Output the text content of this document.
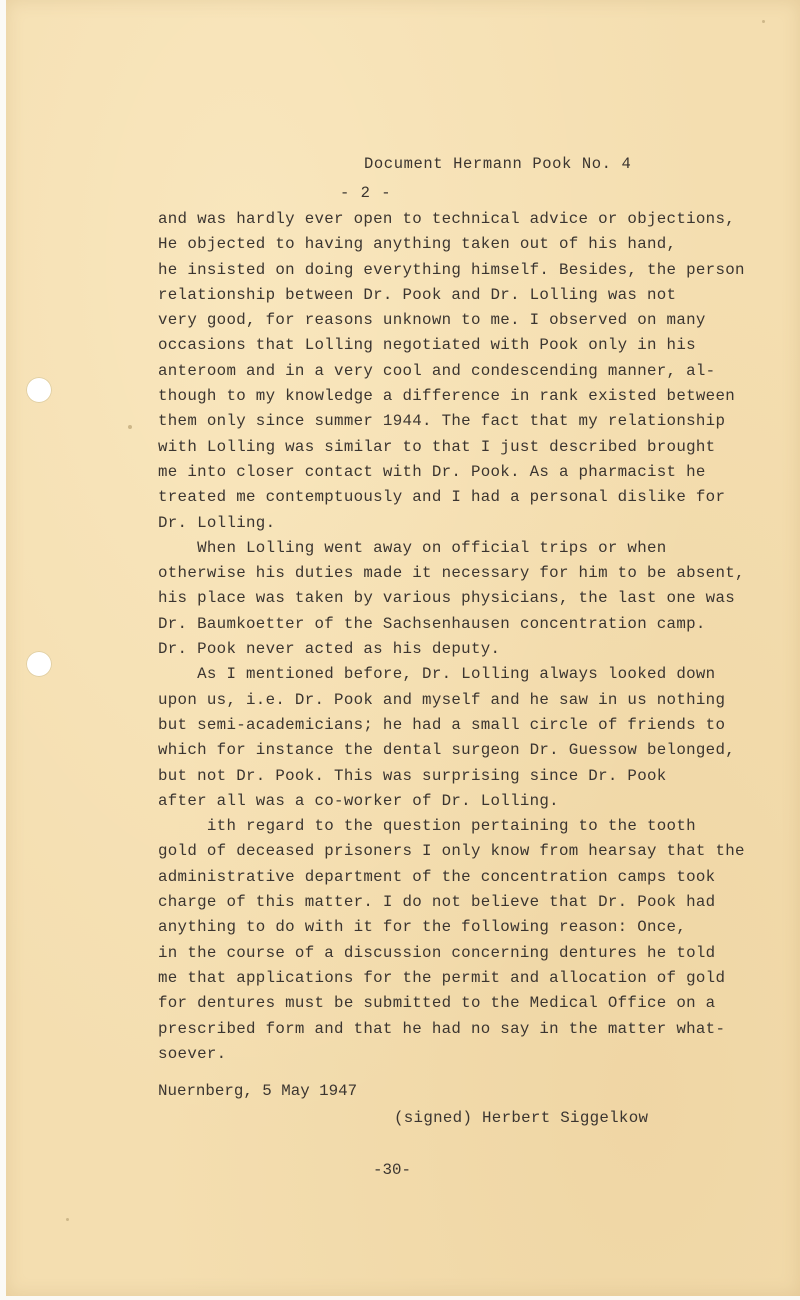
Document Hermann Pook No. 4
- 2 -
and was hardly ever open to technical advice or objections,
He objected to having anything taken out of his hand,
he insisted on doing everything himself. Besides, the person
relationship between Dr. Pook and Dr. Lolling was not
very good, for reasons unknown to me. I observed on many
occasions that Lolling negotiated with Pook only in his
anteroom and in a very cool and condescending manner, al-
though to my knowledge a difference in rank existed between
them only since summer 1944. The fact that my relationship
with Lolling was similar to that I just described brought
me into closer contact with Dr. Pook. As a pharmacist he
treated me contemptuously and I had a personal dislike for
Dr. Lolling.
When Lolling went away on official trips or when
otherwise his duties made it necessary for him to be absent,
his place was taken by various physicians, the last one was
Dr. Baumkoetter of the Sachsenhausen concentration camp.
Dr. Pook never acted as his deputy.
As I mentioned before, Dr. Lolling always looked down
upon us, i.e. Dr. Pook and myself and he saw in us nothing
but semi-academicians; he had a small circle of friends to
which for instance the dental surgeon Dr. Guessow belonged,
but not Dr. Pook. This was surprising since Dr. Pook
after all was a co-worker of Dr. Lolling.
ith regard to the question pertaining to the tooth
gold of deceased prisoners I only know from hearsay that the
administrative department of the concentration camps took
charge of this matter. I do not believe that Dr. Pook had
anything to do with it for the following reason: Once,
in the course of a discussion concerning dentures he told
me that applications for the permit and allocation of gold
for dentures must be submitted to the Medical Office on a
prescribed form and that he had no say in the matter what-
soever.
Nuernberg, 5 May 1947
(signed) Herbert Siggelkow
-30-
